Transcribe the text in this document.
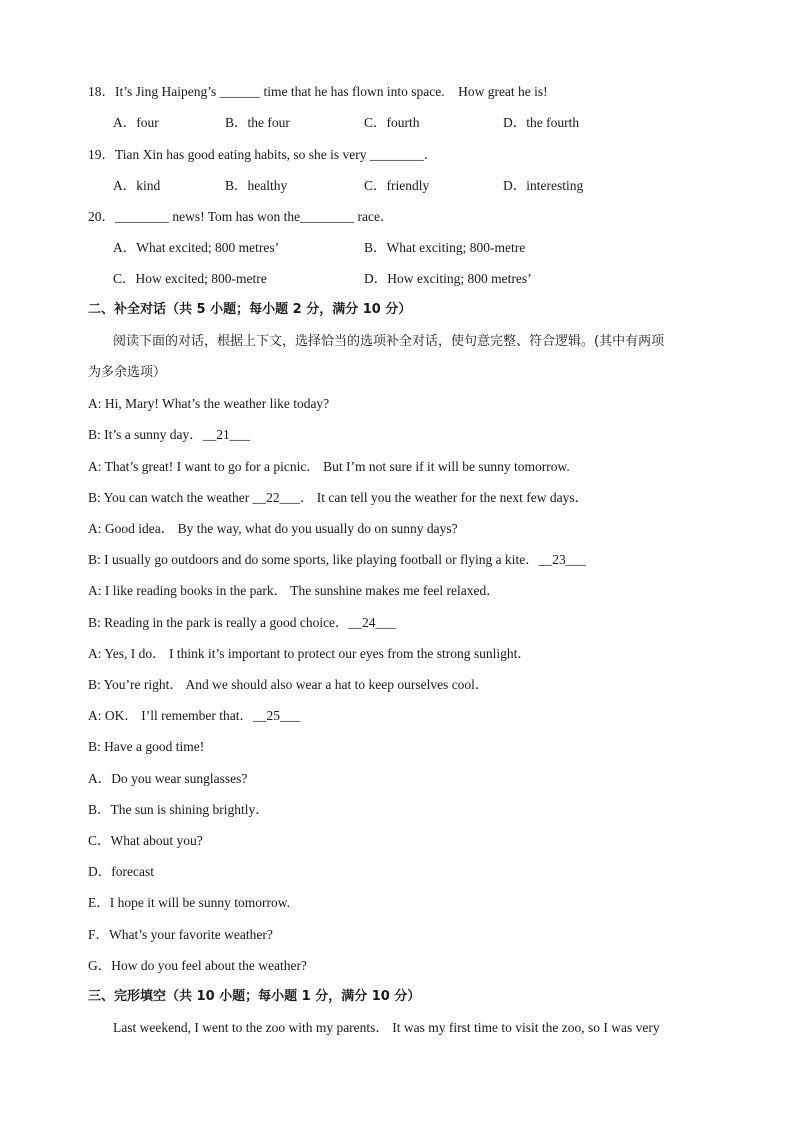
18．It’s Jing Haipeng’s ______ time that he has flown into space.　How great he is!
A．four	B．the four	C．fourth	D．the fourth
19．Tian Xin has good eating habits, so she is very ________．
A．kind	B．healthy	C．friendly	D．interesting
20．________ news! Tom has won the________ race．
A．What excited; 800 metres’	B．What exciting; 800-metre
C．How excited; 800-metre	D．How exciting; 800 metres’
二、补全对话（共 5 小题；每小题 2 分，满分 10 分）
阅读下面的对话，根据上下文，选择恰当的选项补全对话，使句意完整、符合逻辑。(其中有两项
为多余选项）
A: Hi, Mary! What’s the weather like today?
B: It’s a sunny day．__21___
A: That’s great! I want to go for a picnic． But I’m not sure if it will be sunny tomorrow.
B: You can watch the weather __22___． It can tell you the weather for the next few days．
A: Good idea． By the way, what do you usually do on sunny days?
B: I usually go outdoors and do some sports, like playing football or flying a kite．__23___
A: I like reading books in the park． The sunshine makes me feel relaxed．
B: Reading in the park is really a good choice．__24___
A: Yes, I do． I think it’s important to protect our eyes from the strong sunlight．
B: You’re right． And we should also wear a hat to keep ourselves cool．
A: OK． I’ll remember that．__25___
B: Have a good time!
A．Do you wear sunglasses?
B．The sun is shining brightly．
C．What about you?
D．forecast
E．I hope it will be sunny tomorrow.
F．What’s your favorite weather?
G．How do you feel about the weather?
三、完形填空（共 10 小题；每小题 1 分，满分 10 分）
Last weekend, I went to the zoo with my parents． It was my first time to visit the zoo, so I was very
